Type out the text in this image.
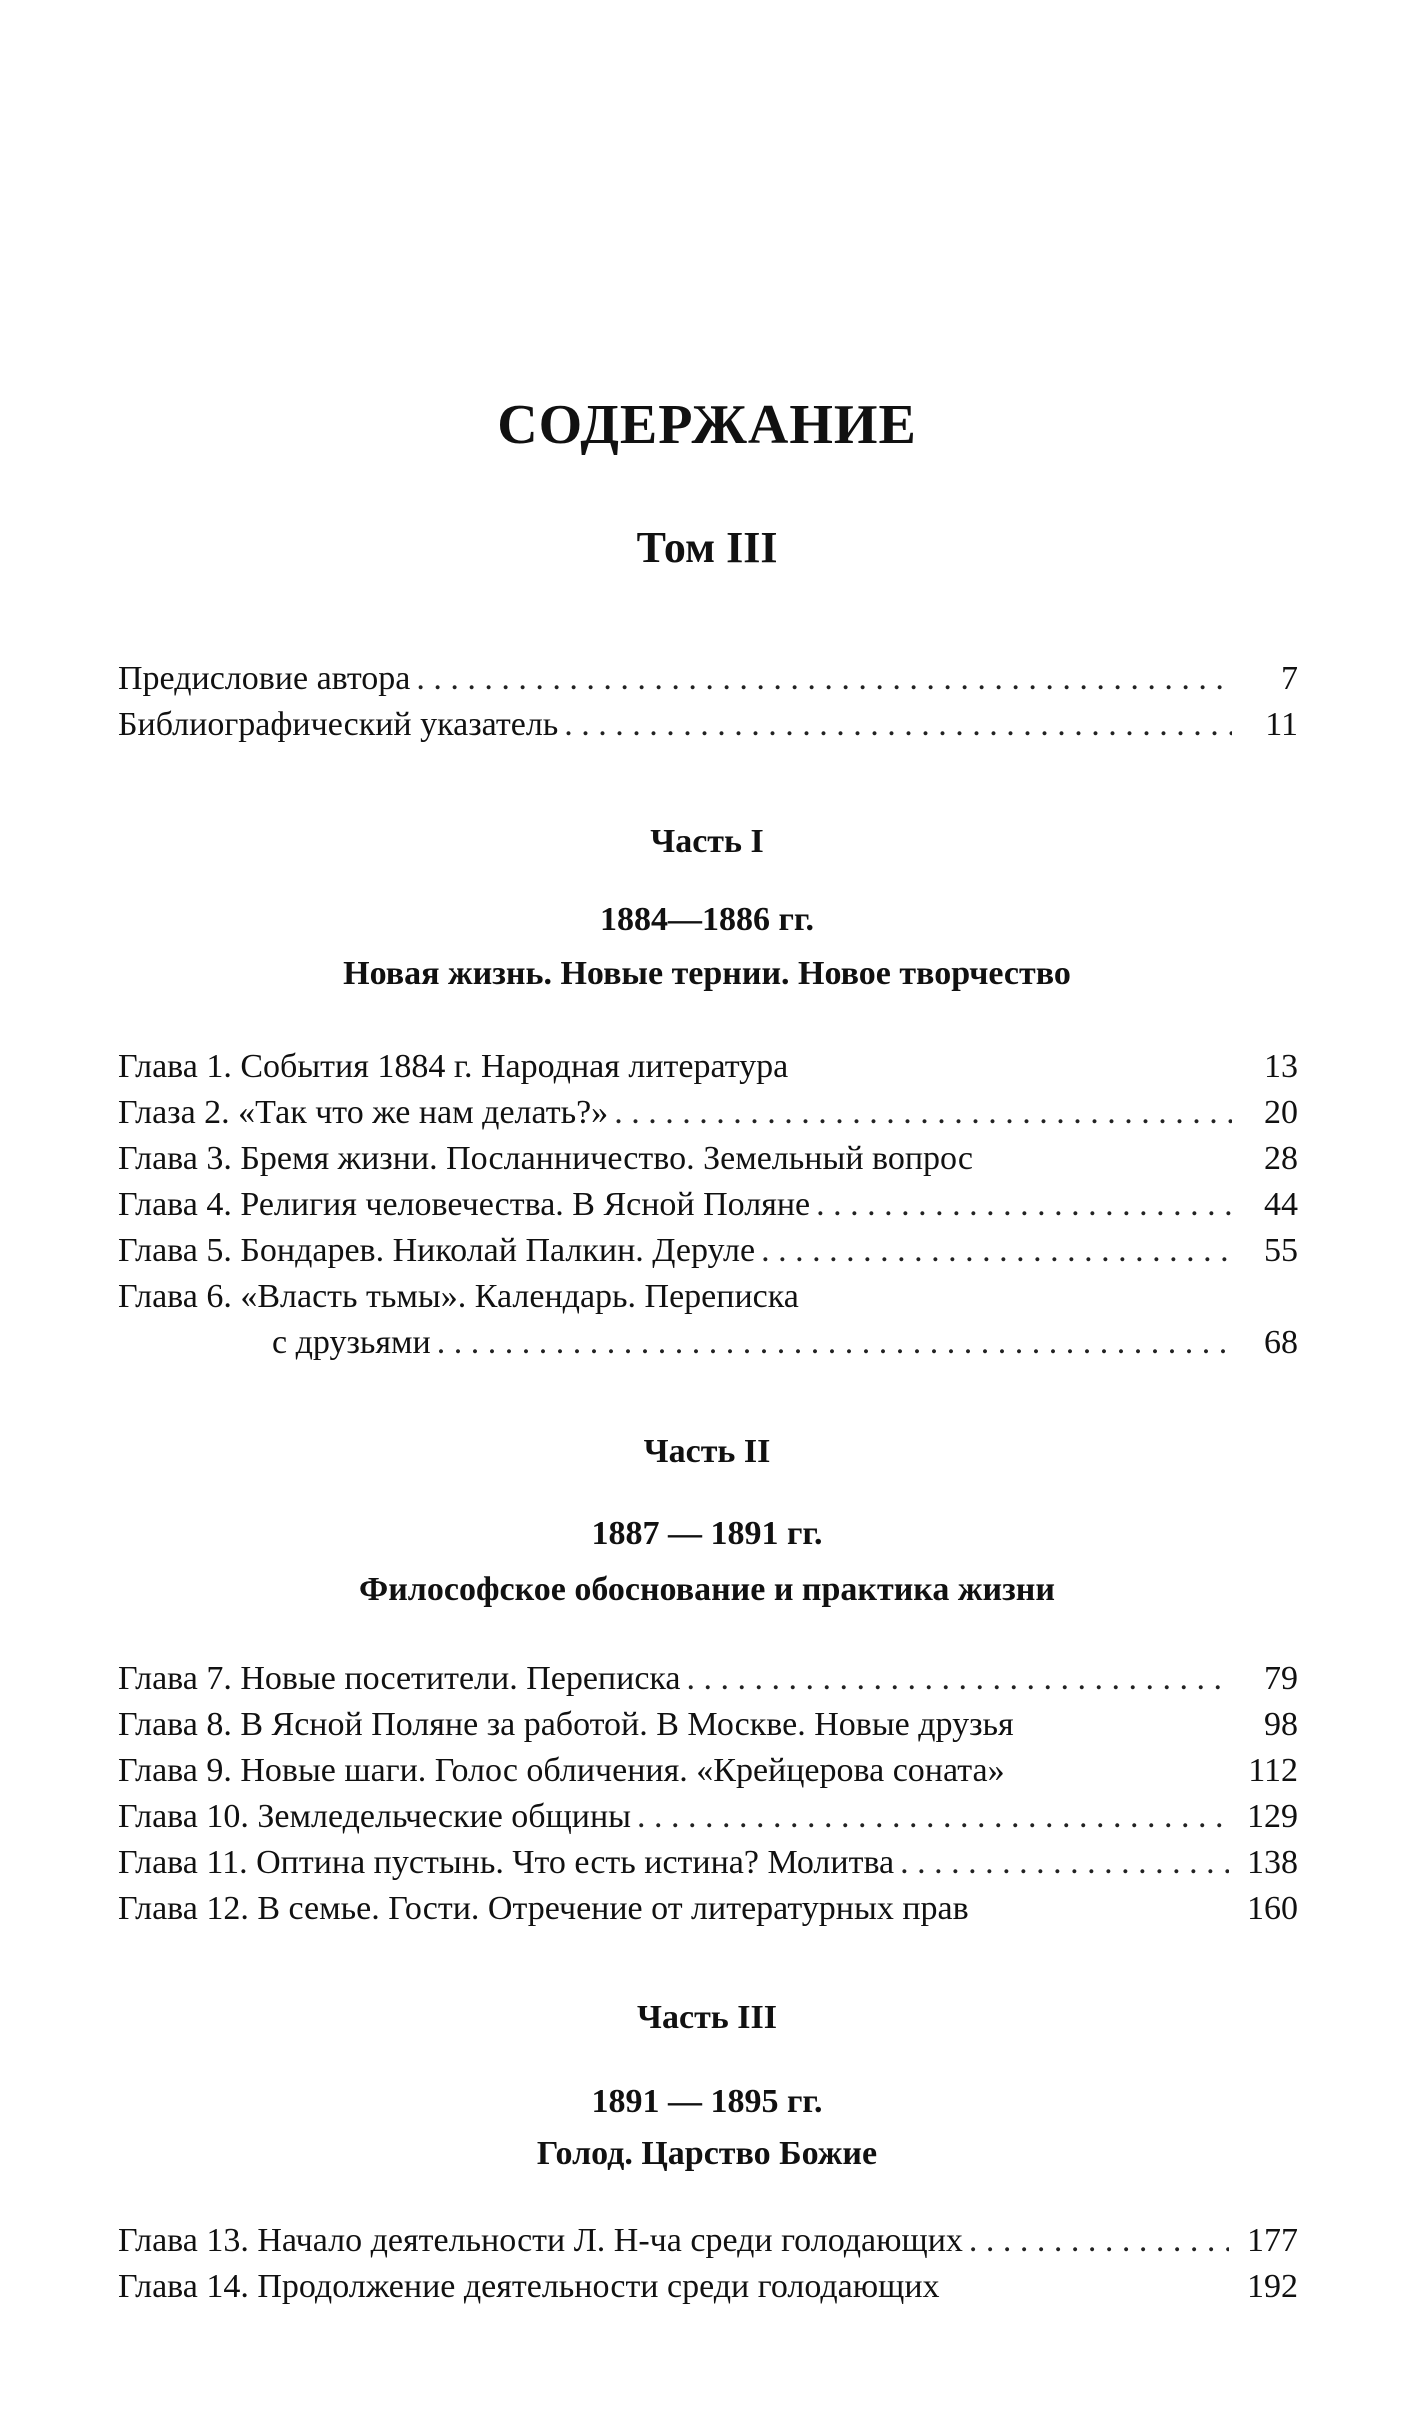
СОДЕРЖАНИЕ
Том III
Предисловие автора . . .	7
Библиографический указатель . . .	11
Часть I
1884—1886 гг.
Новая жизнь. Новые тернии. Новое творчество
Глава 1. События 1884 г. Народная литература	13
Глаза 2. «Так что же нам делать?» . . .	20
Глава 3. Бремя жизни. Посланничество. Земельный вопрос	28
Глава 4. Религия человечества. В Ясной Поляне . . .	44
Глава 5. Бондарев. Николай Палкин. Деруле . . .	55
Глава 6. «Власть тьмы». Календарь. Переписка
с друзьями . . .	68
Часть II
1887 — 1891 гг.
Философское обоснование и практика жизни
Глава 7. Новые посетители. Переписка . . .	79
Глава 8. В Ясной Поляне за работой. В Москве. Новые друзья	98
Глава 9. Новые шаги. Голос обличения. «Крейцерова соната»	112
Глава 10. Земледельческие общины . . .	129
Глава 11. Оптина пустынь. Что есть истина? Молитва . . .	138
Глава 12. В семье. Гости. Отречение от литературных прав	160
Часть III
1891 — 1895 гг.
Голод. Царство Божие
Глава 13. Начало деятельности Л. Н-ча среди голодающих . . .	177
Глава 14. Продолжение деятельности среди голодающих	192
